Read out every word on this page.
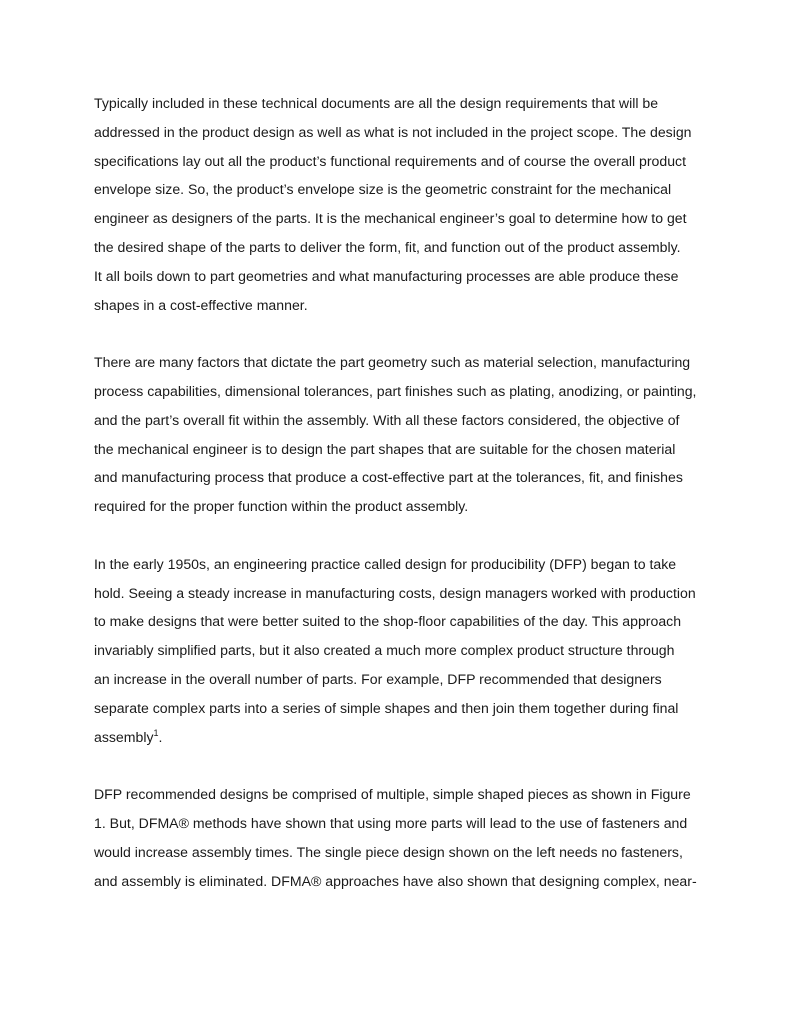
Typically included in these technical documents are all the design requirements that will be
addressed in the product design as well as what is not included in the project scope. The design
specifications lay out all the product’s functional requirements and of course the overall product
envelope size. So, the product’s envelope size is the geometric constraint for the mechanical
engineer as designers of the parts. It is the mechanical engineer’s goal to determine how to get
the desired shape of the parts to deliver the form, fit, and function out of the product assembly.
It all boils down to part geometries and what manufacturing processes are able produce these
shapes in a cost-effective manner.

There are many factors that dictate the part geometry such as material selection, manufacturing
process capabilities, dimensional tolerances, part finishes such as plating, anodizing, or painting,
and the part’s overall fit within the assembly. With all these factors considered, the objective of
the mechanical engineer is to design the part shapes that are suitable for the chosen material
and manufacturing process that produce a cost-effective part at the tolerances, fit, and finishes
required for the proper function within the product assembly.

In the early 1950s, an engineering practice called design for producibility (DFP) began to take
hold. Seeing a steady increase in manufacturing costs, design managers worked with production
to make designs that were better suited to the shop-floor capabilities of the day. This approach
invariably simplified parts, but it also created a much more complex product structure through
an increase in the overall number of parts. For example, DFP recommended that designers
separate complex parts into a series of simple shapes and then join them together during final
assembly$^1$.

DFP recommended designs be comprised of multiple, simple shaped pieces as shown in Figure
1. But, DFMA® methods have shown that using more parts will lead to the use of fasteners and
would increase assembly times. The single piece design shown on the left needs no fasteners,
and assembly is eliminated. DFMA® approaches have also shown that designing complex, near-
